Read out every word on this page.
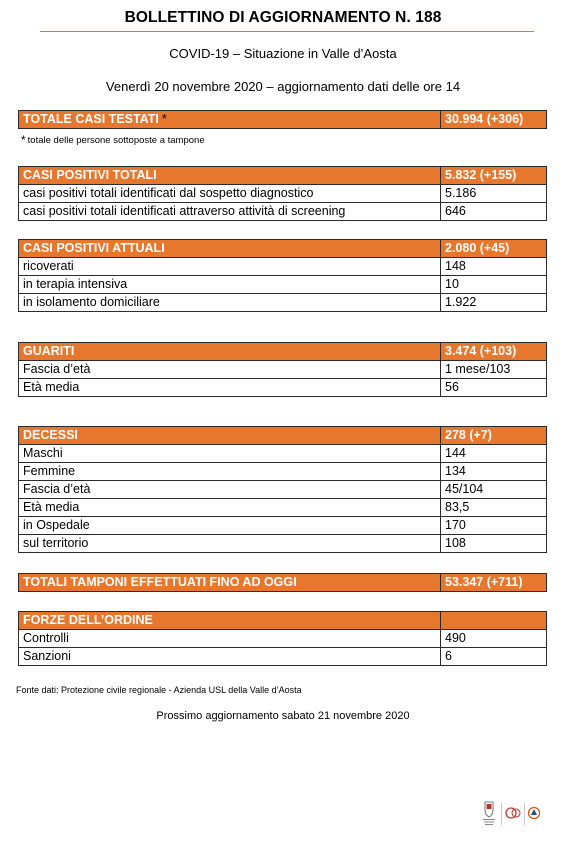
BOLLETTINO DI AGGIORNAMENTO N. 188
COVID-19 – Situazione in Valle d’Aosta
Venerdì 20 novembre 2020 – aggiornamento dati delle ore 14
TOTALE CASI TESTATI *	30.994 (+306)
* totale delle persone sottoposte a tampone
CASI POSITIVI TOTALI	5.832 (+155)
casi positivi totali identificati dal sospetto diagnostico	5.186
casi positivi totali identificati attraverso attività di screening	646
CASI POSITIVI ATTUALI	2.080 (+45)
ricoverati	148
in terapia intensiva	10
in isolamento domiciliare	1.922
GUARITI	3.474 (+103)
Fascia d’età	1 mese/103
Età media	56
DECESSI	278 (+7)
Maschi	144
Femmine	134
Fascia d’età	45/104
Età media	83,5
in Ospedale	170
sul territorio	108
TOTALI TAMPONI EFFETTUATI FINO AD OGGI	53.347 (+711)
FORZE DELL’ORDINE	
Controlli	490
Sanzioni	6
Fonte dati: Protezione civile regionale - Azienda USL della Valle d’Aosta
Prossimo aggiornamento sabato 21 novembre 2020
